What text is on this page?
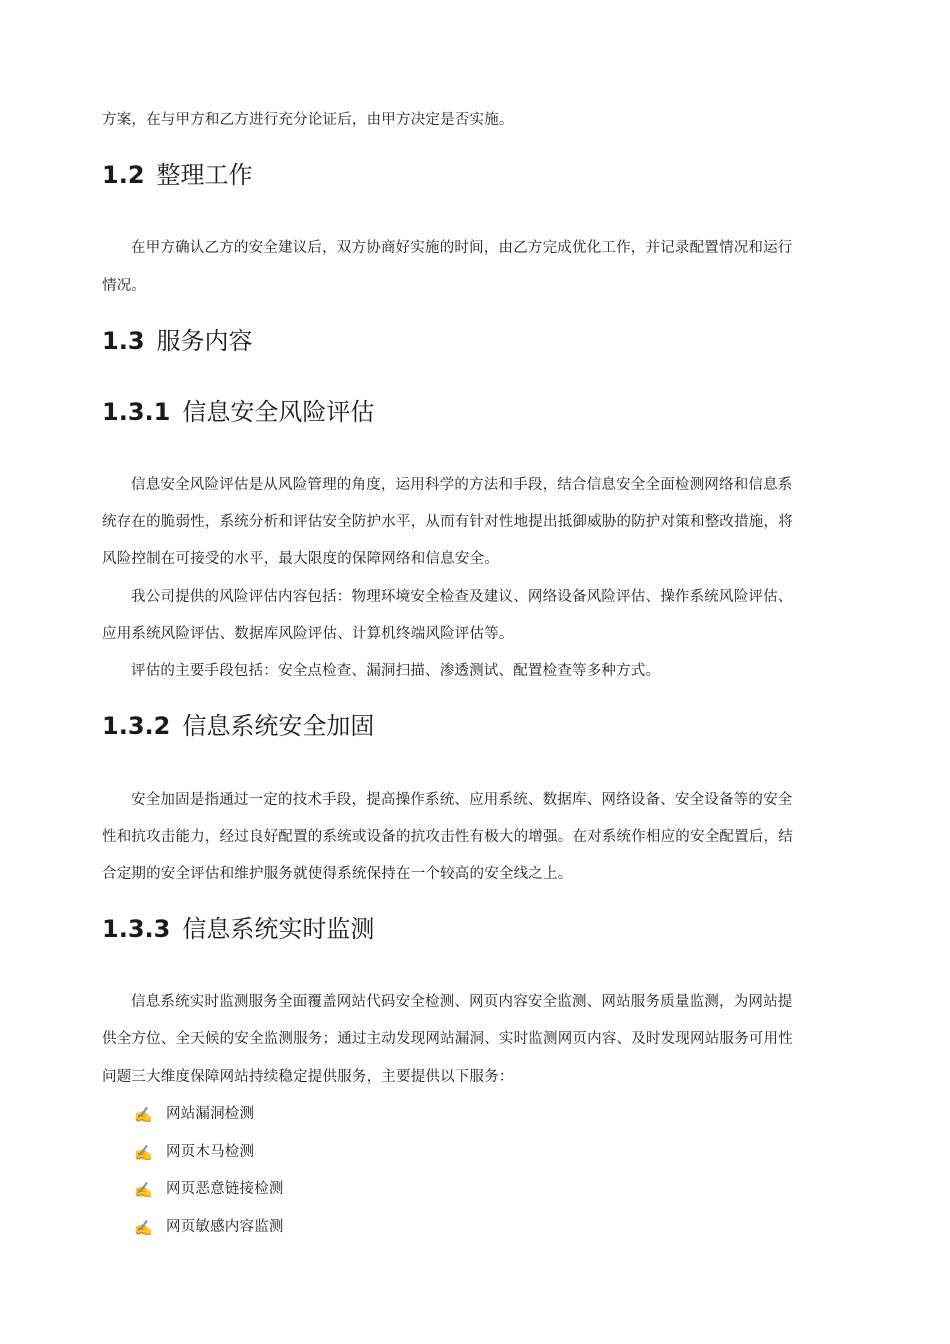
方案，在与甲方和乙方进行充分论证后，由甲方决定是否实施。

1.2 整理工作

在甲方确认乙方的安全建议后，双方协商好实施的时间，由乙方完成优化工作，并记录配置情况和运行

情况。

1.3 服务内容
1.3.1 信息安全风险评估

信息安全风险评估是从风险管理的角度，运用科学的方法和手段，结合信息安全全面检测网络和信息系

统存在的脆弱性，系统分析和评估安全防护水平，从而有针对性地提出抵御威胁的防护对策和整改措施，将

风险控制在可接受的水平，最大限度的保障网络和信息安全。

我公司提供的风险评估内容包括：物理环境安全检查及建议、网络设备风险评估、操作系统风险评估、

应用系统风险评估、数据库风险评估、计算机终端风险评估等。

评估的主要手段包括：安全点检查、漏洞扫描、渗透测试、配置检查等多种方式。

1.3.2 信息系统安全加固

安全加固是指通过一定的技术手段，提高操作系统、应用系统、数据库、网络设备、安全设备等的安全

性和抗攻击能力，经过良好配置的系统或设备的抗攻击性有极大的增强。在对系统作相应的安全配置后，结

合定期的安全评估和维护服务就使得系统保持在一个较高的安全线之上。

1.3.3 信息系统实时监测

信息系统实时监测服务全面覆盖网站代码安全检测、网页内容安全监测、网站服务质量监测，为网站提

供全方位、全天候的安全监测服务；通过主动发现网站漏洞、实时监测网页内容、及时发现网站服务可用性

问题三大维度保障网站持续稳定提供服务，主要提供以下服务：

✍ 网站漏洞检测

✍ 网页木马检测

✍ 网页恶意链接检测

✍ 网页敏感内容监测
